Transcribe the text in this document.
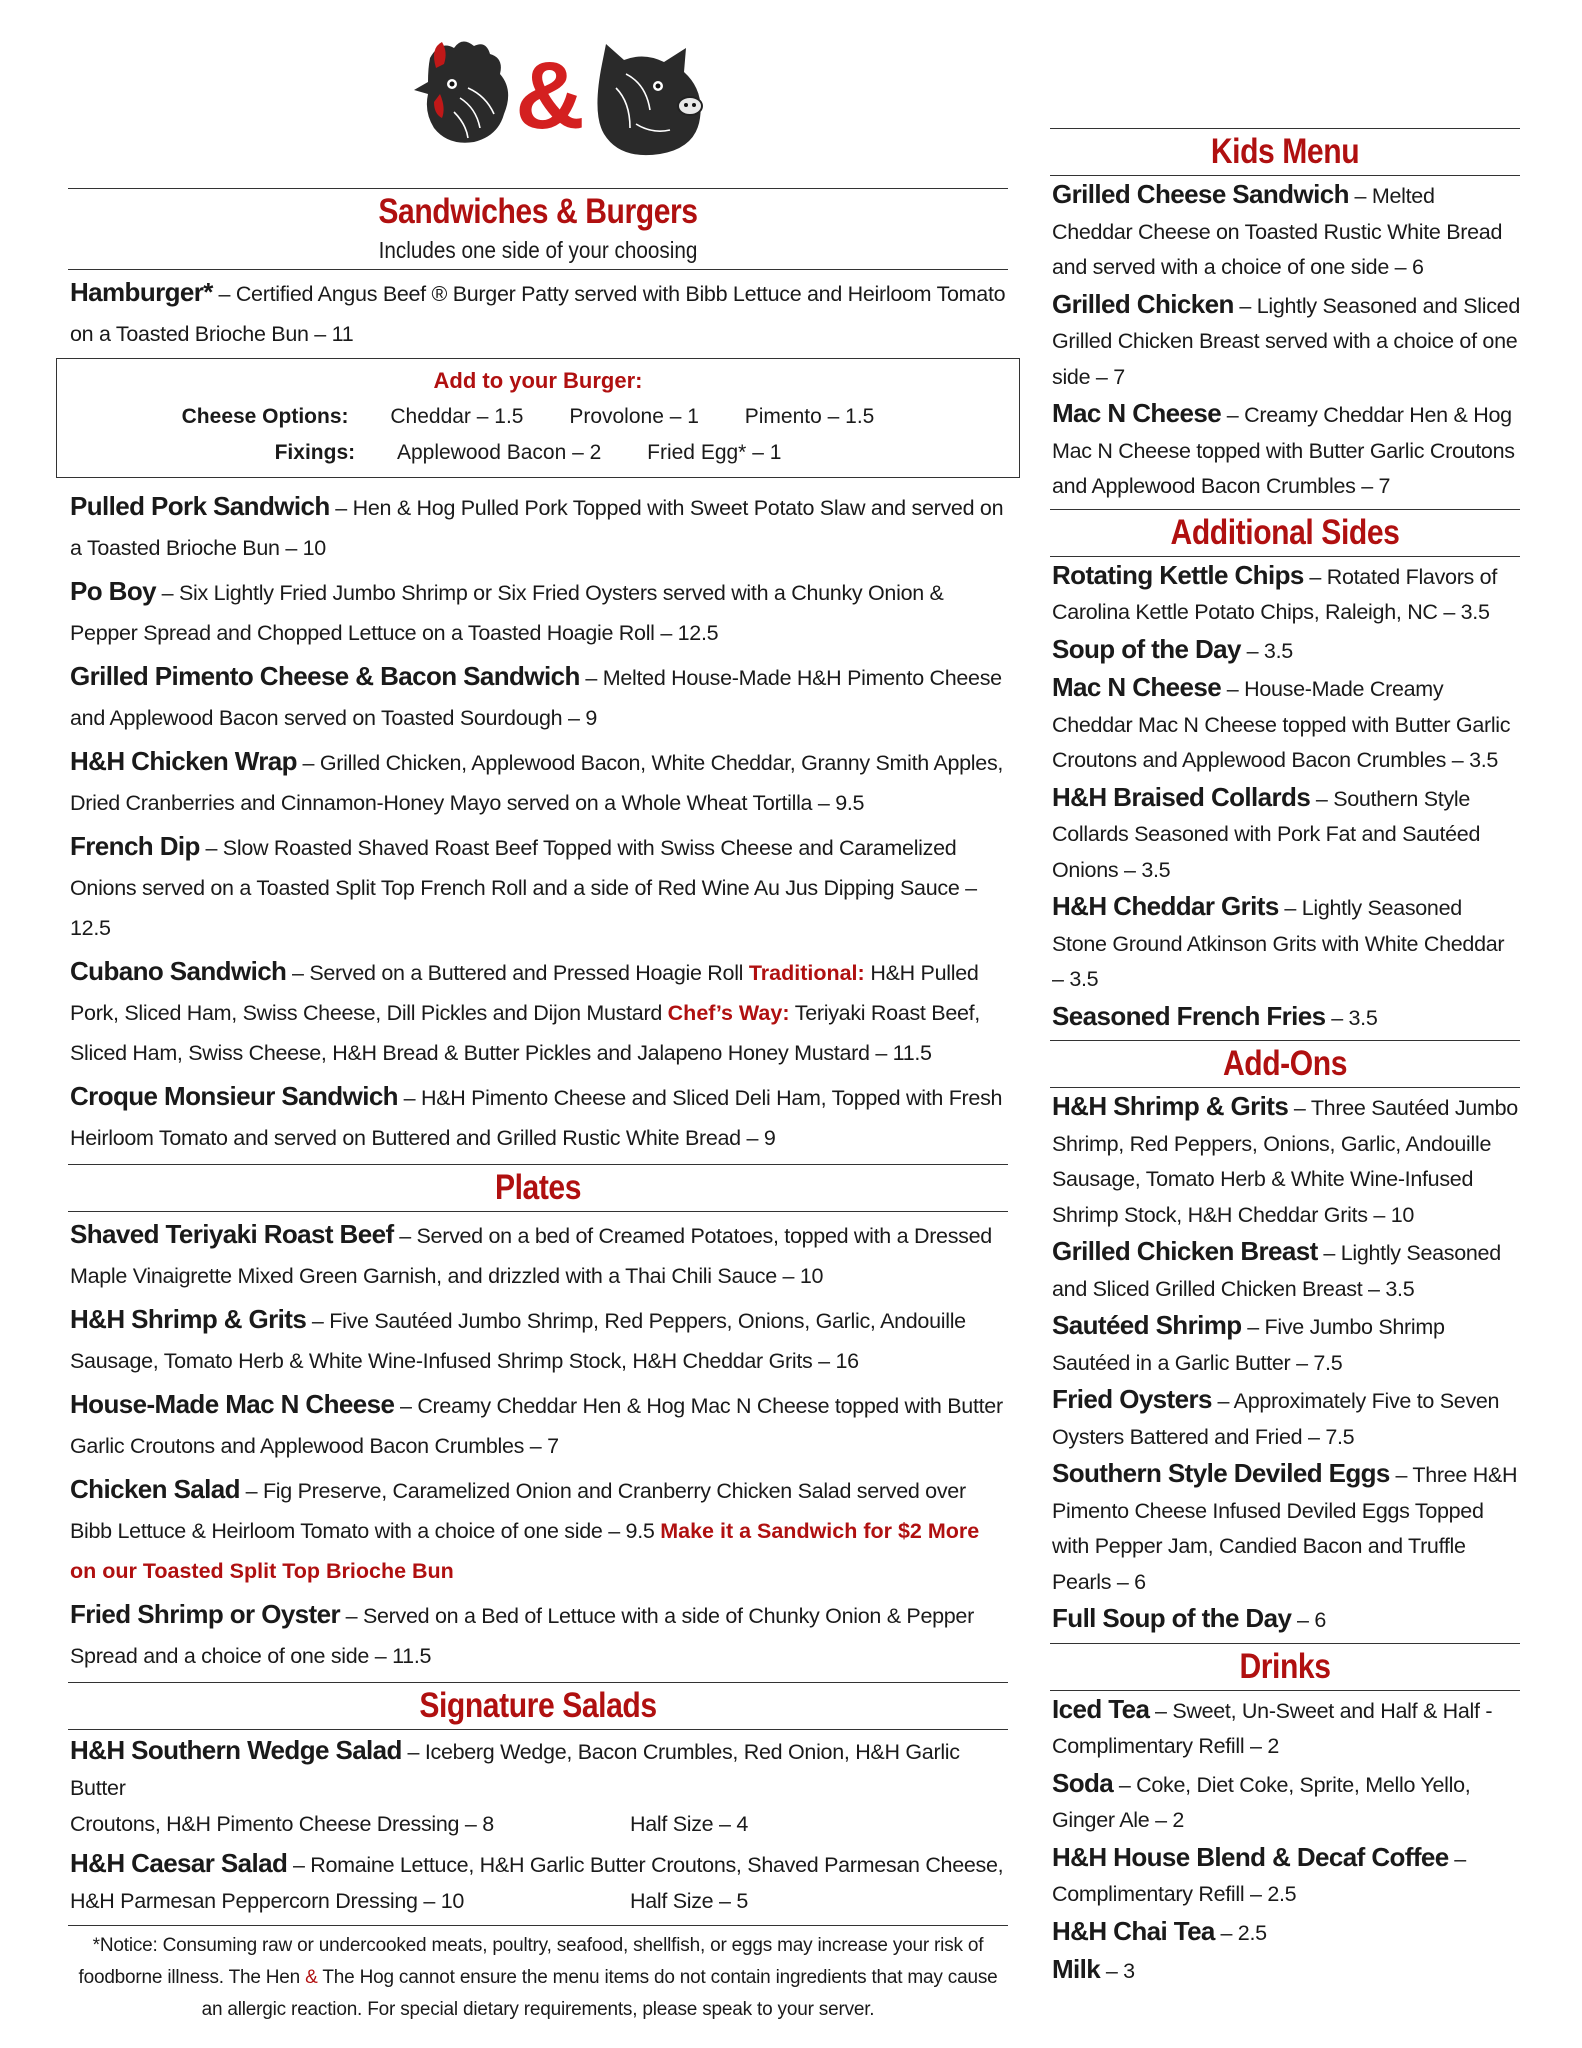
&
Sandwiches & Burgers
Includes one side of your choosing
Hamburger* – Certified Angus Beef ® Burger Patty served with Bibb Lettuce and Heirloom Tomato on a Toasted Brioche Bun – 11
Add to your Burger:
Cheese Options: Cheddar – 1.5 Provolone – 1 Pimento – 1.5
Fixings: Applewood Bacon – 2 Fried Egg* – 1
Pulled Pork Sandwich – Hen & Hog Pulled Pork Topped with Sweet Potato Slaw and served on a Toasted Brioche Bun – 10
Po Boy – Six Lightly Fried Jumbo Shrimp or Six Fried Oysters served with a Chunky Onion & Pepper Spread and Chopped Lettuce on a Toasted Hoagie Roll – 12.5
Grilled Pimento Cheese & Bacon Sandwich – Melted House-Made H&H Pimento Cheese and Applewood Bacon served on Toasted Sourdough – 9
H&H Chicken Wrap – Grilled Chicken, Applewood Bacon, White Cheddar, Granny Smith Apples, Dried Cranberries and Cinnamon-Honey Mayo served on a Whole Wheat Tortilla – 9.5
French Dip – Slow Roasted Shaved Roast Beef Topped with Swiss Cheese and Caramelized Onions served on a Toasted Split Top French Roll and a side of Red Wine Au Jus Dipping Sauce – 12.5
Cubano Sandwich – Served on a Buttered and Pressed Hoagie Roll Traditional: H&H Pulled Pork, Sliced Ham, Swiss Cheese, Dill Pickles and Dijon Mustard Chef’s Way: Teriyaki Roast Beef, Sliced Ham, Swiss Cheese, H&H Bread & Butter Pickles and Jalapeno Honey Mustard – 11.5
Croque Monsieur Sandwich – H&H Pimento Cheese and Sliced Deli Ham, Topped with Fresh Heirloom Tomato and served on Buttered and Grilled Rustic White Bread – 9
Plates
Shaved Teriyaki Roast Beef – Served on a bed of Creamed Potatoes, topped with a Dressed Maple Vinaigrette Mixed Green Garnish, and drizzled with a Thai Chili Sauce – 10
H&H Shrimp & Grits – Five Sautéed Jumbo Shrimp, Red Peppers, Onions, Garlic, Andouille Sausage, Tomato Herb & White Wine-Infused Shrimp Stock, H&H Cheddar Grits – 16
House-Made Mac N Cheese – Creamy Cheddar Hen & Hog Mac N Cheese topped with Butter Garlic Croutons and Applewood Bacon Crumbles – 7
Chicken Salad – Fig Preserve, Caramelized Onion and Cranberry Chicken Salad served over Bibb Lettuce & Heirloom Tomato with a choice of one side – 9.5 Make it a Sandwich for $2 More on our Toasted Split Top Brioche Bun
Fried Shrimp or Oyster – Served on a Bed of Lettuce with a side of Chunky Onion & Pepper Spread and a choice of one side – 11.5
Signature Salads
H&H Southern Wedge Salad – Iceberg Wedge, Bacon Crumbles, Red Onion, H&H Garlic Butter
Croutons, H&H Pimento Cheese Dressing – 8	Half Size – 4
H&H Caesar Salad – Romaine Lettuce, H&H Garlic Butter Croutons, Shaved Parmesan Cheese,
H&H Parmesan Peppercorn Dressing – 10	Half Size – 5
*Notice: Consuming raw or undercooked meats, poultry, seafood, shellfish, or eggs may increase your risk of foodborne illness. The Hen & The Hog cannot ensure the menu items do not contain ingredients that may cause an allergic reaction. For special dietary requirements, please speak to your server.
Kids Menu
Grilled Cheese Sandwich – Melted Cheddar Cheese on Toasted Rustic White Bread and served with a choice of one side – 6
Grilled Chicken – Lightly Seasoned and Sliced Grilled Chicken Breast served with a choice of one side – 7
Mac N Cheese – Creamy Cheddar Hen & Hog Mac N Cheese topped with Butter Garlic Croutons and Applewood Bacon Crumbles – 7
Additional Sides
Rotating Kettle Chips – Rotated Flavors of Carolina Kettle Potato Chips, Raleigh, NC – 3.5
Soup of the Day – 3.5
Mac N Cheese – House-Made Creamy Cheddar Mac N Cheese topped with Butter Garlic Croutons and Applewood Bacon Crumbles – 3.5
H&H Braised Collards – Southern Style Collards Seasoned with Pork Fat and Sautéed Onions – 3.5
H&H Cheddar Grits – Lightly Seasoned Stone Ground Atkinson Grits with White Cheddar – 3.5
Seasoned French Fries – 3.5
Add-Ons
H&H Shrimp & Grits – Three Sautéed Jumbo Shrimp, Red Peppers, Onions, Garlic, Andouille Sausage, Tomato Herb & White Wine-Infused Shrimp Stock, H&H Cheddar Grits – 10
Grilled Chicken Breast – Lightly Seasoned and Sliced Grilled Chicken Breast – 3.5
Sautéed Shrimp – Five Jumbo Shrimp Sautéed in a Garlic Butter – 7.5
Fried Oysters – Approximately Five to Seven Oysters Battered and Fried – 7.5
Southern Style Deviled Eggs – Three H&H Pimento Cheese Infused Deviled Eggs Topped with Pepper Jam, Candied Bacon and Truffle Pearls – 6
Full Soup of the Day – 6
Drinks
Iced Tea – Sweet, Un-Sweet and Half & Half - Complimentary Refill – 2
Soda – Coke, Diet Coke, Sprite, Mello Yello, Ginger Ale – 2
H&H House Blend & Decaf Coffee – Complimentary Refill – 2.5
H&H Chai Tea – 2.5
Milk – 3
